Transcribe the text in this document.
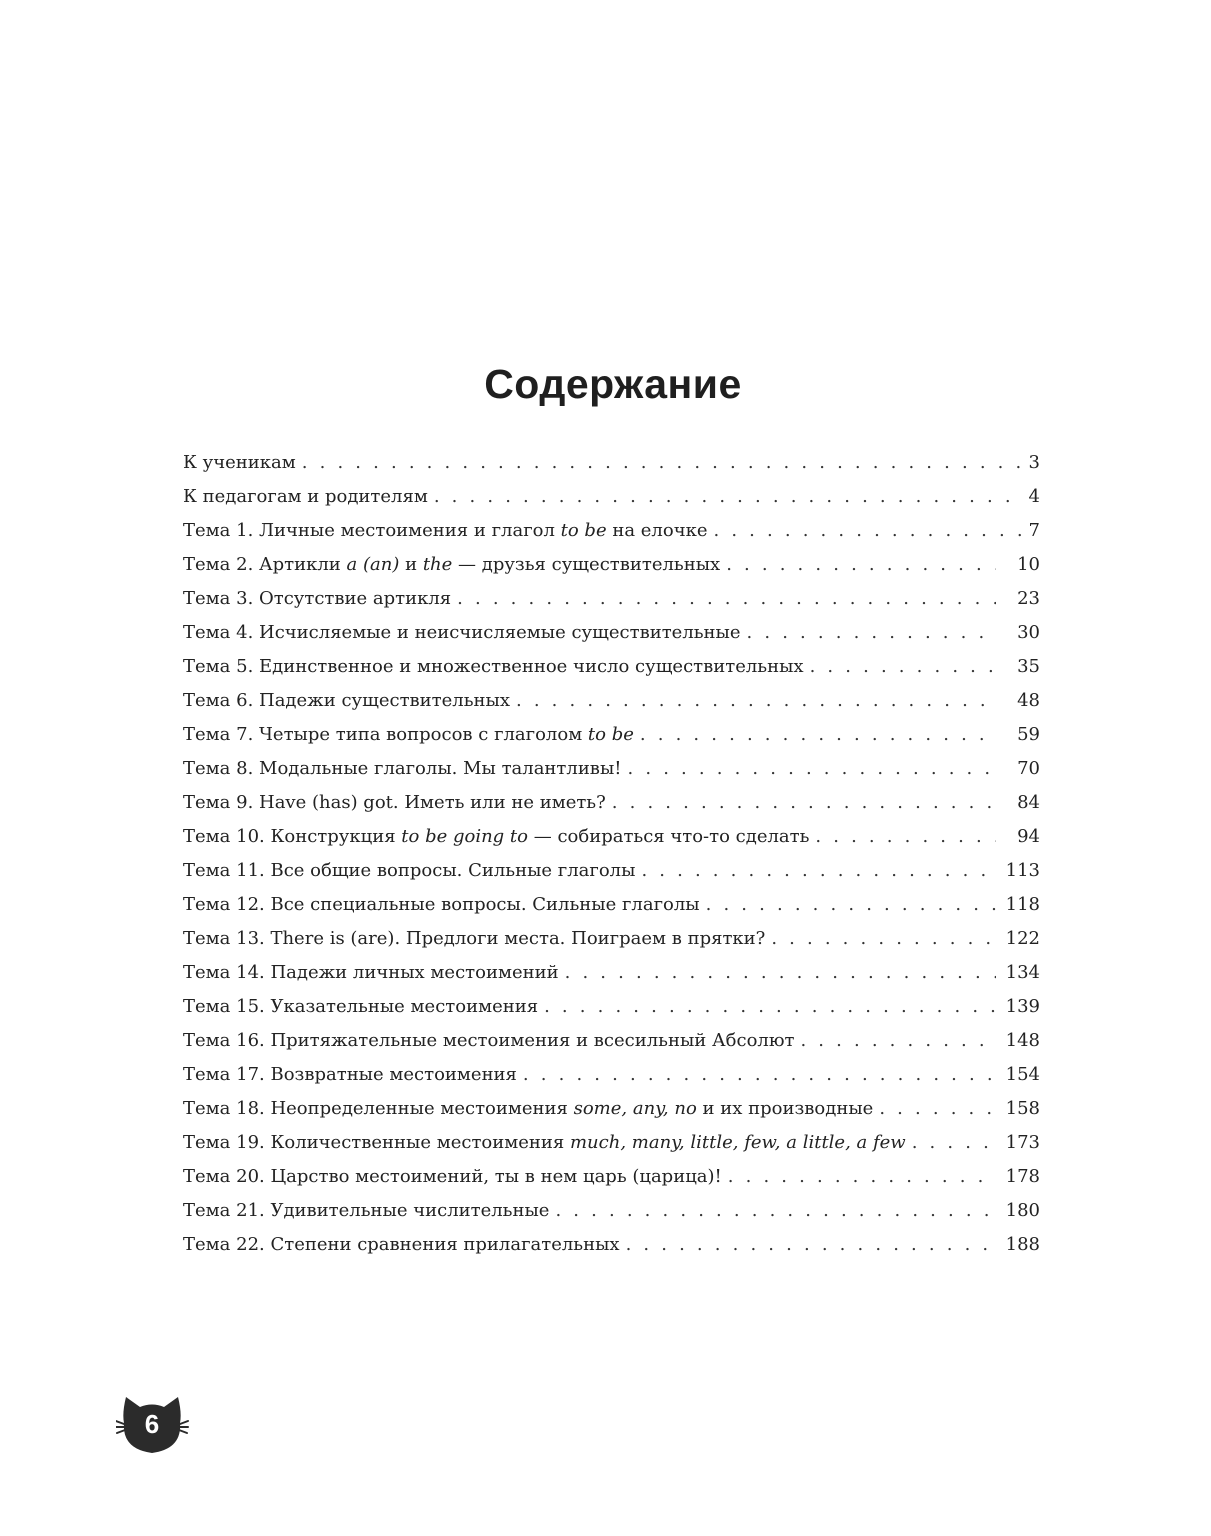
Содержание
К ученикам . . .	3
К педагогам и родителям . . .	4
Тема 1. Личные местоимения и глагол to be на елочке . . .	7
Тема 2. Артикли a (an) и the — друзья существительных . . .	10
Тема 3. Отсутствие артикля . . .	23
Тема 4. Исчисляемые и неисчисляемые существительные . . .	30
Тема 5. Единственное и множественное число существительных . . .	35
Тема 6. Падежи существительных . . .	48
Тема 7. Четыре типа вопросов с глаголом to be . . .	59
Тема 8. Модальные глаголы. Мы талантливы! . . .	70
Тема 9. Have (has) got. Иметь или не иметь? . . .	84
Тема 10. Конструкция to be going to — собираться что-то сделать . . .	94
Тема 11. Все общие вопросы. Сильные глаголы . . .	113
Тема 12. Все специальные вопросы. Сильные глаголы . . .	118
Тема 13. There is (are). Предлоги места. Поиграем в прятки? . . .	122
Тема 14. Падежи личных местоимений . . .	134
Тема 15. Указательные местоимения . . .	139
Тема 16. Притяжательные местоимения и всесильный Абсолют . . .	148
Тема 17. Возвратные местоимения . . .	154
Тема 18. Неопределенные местоимения some, any, no и их производные . . .	158
Тема 19. Количественные местоимения much, many, little, few, a little, a few . . .	173
Тема 20. Царство местоимений, ты в нем царь (царица)! . . .	178
Тема 21. Удивительные числительные . . .	180
Тема 22. Степени сравнения прилагательных . . .	188
6
